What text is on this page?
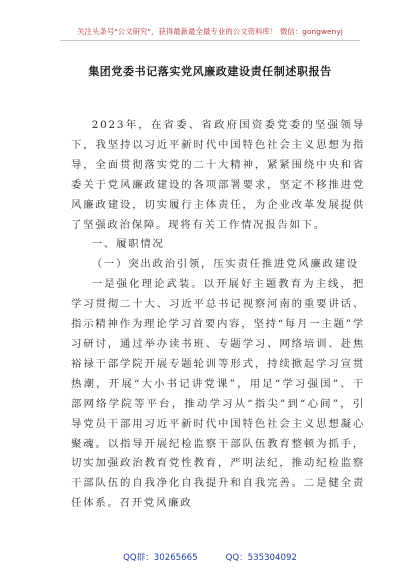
关注头条号"公文研究"，获得最新最全最专业的公文资料库！ 微信：gongwenyj
集团党委书记落实党风廉政建设责任制述职报告

2023年，在省委、省政府国资委党委的坚强领导下，我坚持以习近平新时代中国特色社会主义思想为指导，全面贯彻落实党的二十大精神，紧紧围绕中央和省委关于党风廉政建设的各项部署要求，坚定不移推进党风廉政建设，切实履行主体责任，为企业改革发展提供了坚强政治保障。现将有关工作情况报告如下。

一、履职情况

（一）突出政治引领，压实责任推进党风廉政建设

一是强化理论武装。以开展好主题教育为主线，把学习贯彻二十大、习近平总书记视察河南的重要讲话、指示精神作为理论学习首要内容，坚持“每月一主题”学习研讨，通过举办读书班、专题学习、网络培训、赴焦裕禄干部学院开展专题轮训等形式，持续掀起学习宣贯热潮，开展“大小书记讲党课”，用足“学习强国”、干部网络学院等平台，推动学习从“指尖”到“心间”，引导党员干部用习近平新时代中国特色社会主义思想凝心聚魂。以指导开展纪检监察干部队伍教育整顿为抓手，切实加强政治教育党性教育，严明法纪，推动纪检监察干部队伍的自我净化自我提升和自我完善。二是健全责任体系。召开党风廉政

QQ群：30265665	QQ：535304092
